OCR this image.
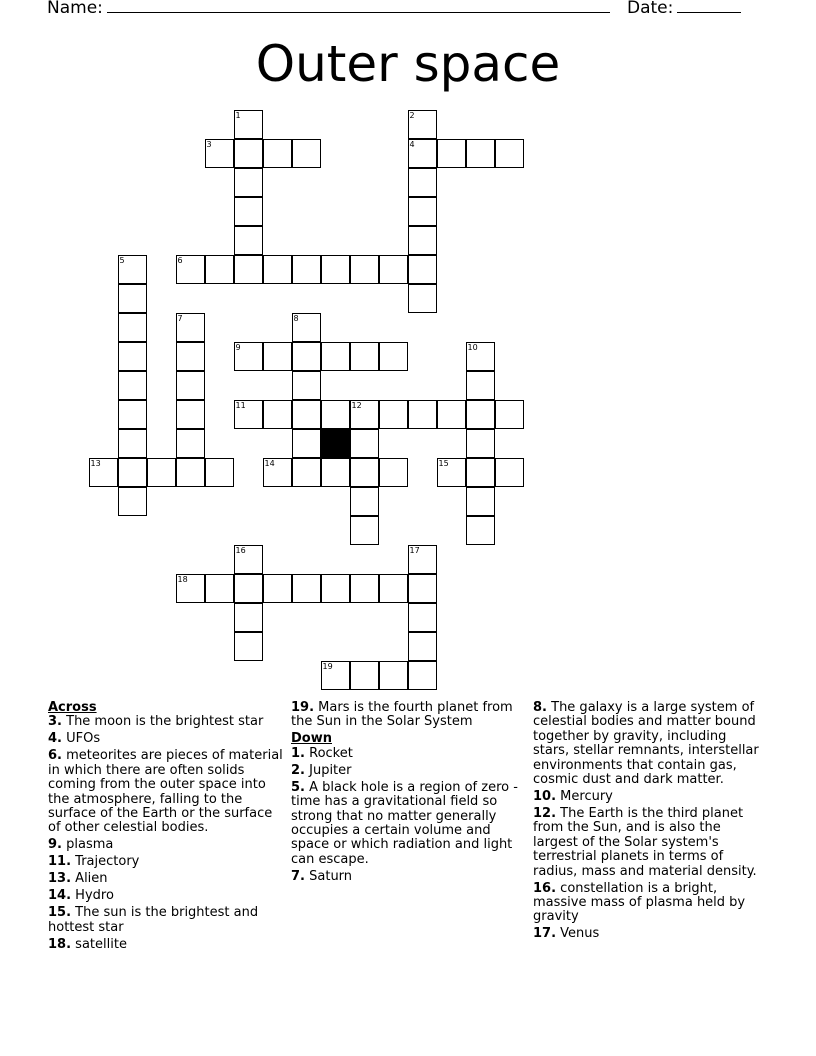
Name:	Date:
Outer space
1	2
4
3
5	6
7	8
9	10
11	12
13	14	15
16	17
18
19
Across
3. The moon is the brightest star
4. UFOs
6. meteorites are pieces of material in which there are often solids coming from the outer space into the atmosphere, falling to the surface of the Earth or the surface of other celestial bodies.
9. plasma
11. Trajectory
13. Alien
14. Hydro
15. The sun is the brightest and hottest star
18. satellite
19. Mars is the fourth planet from the Sun in the Solar System
Down
1. Rocket
2. Jupiter
5. A black hole is a region of zero - time has a gravitational field so strong that no matter generally occupies a certain volume and space or which radiation and light can escape.
7. Saturn
8. The galaxy is a large system of celestial bodies and matter bound together by gravity, including stars, stellar remnants, interstellar environments that contain gas, cosmic dust and dark matter.
10. Mercury
12. The Earth is the third planet from the Sun, and is also the largest of the Solar system's terrestrial planets in terms of radius, mass and material density.
16. constellation is a bright, massive mass of plasma held by gravity
17. Venus
